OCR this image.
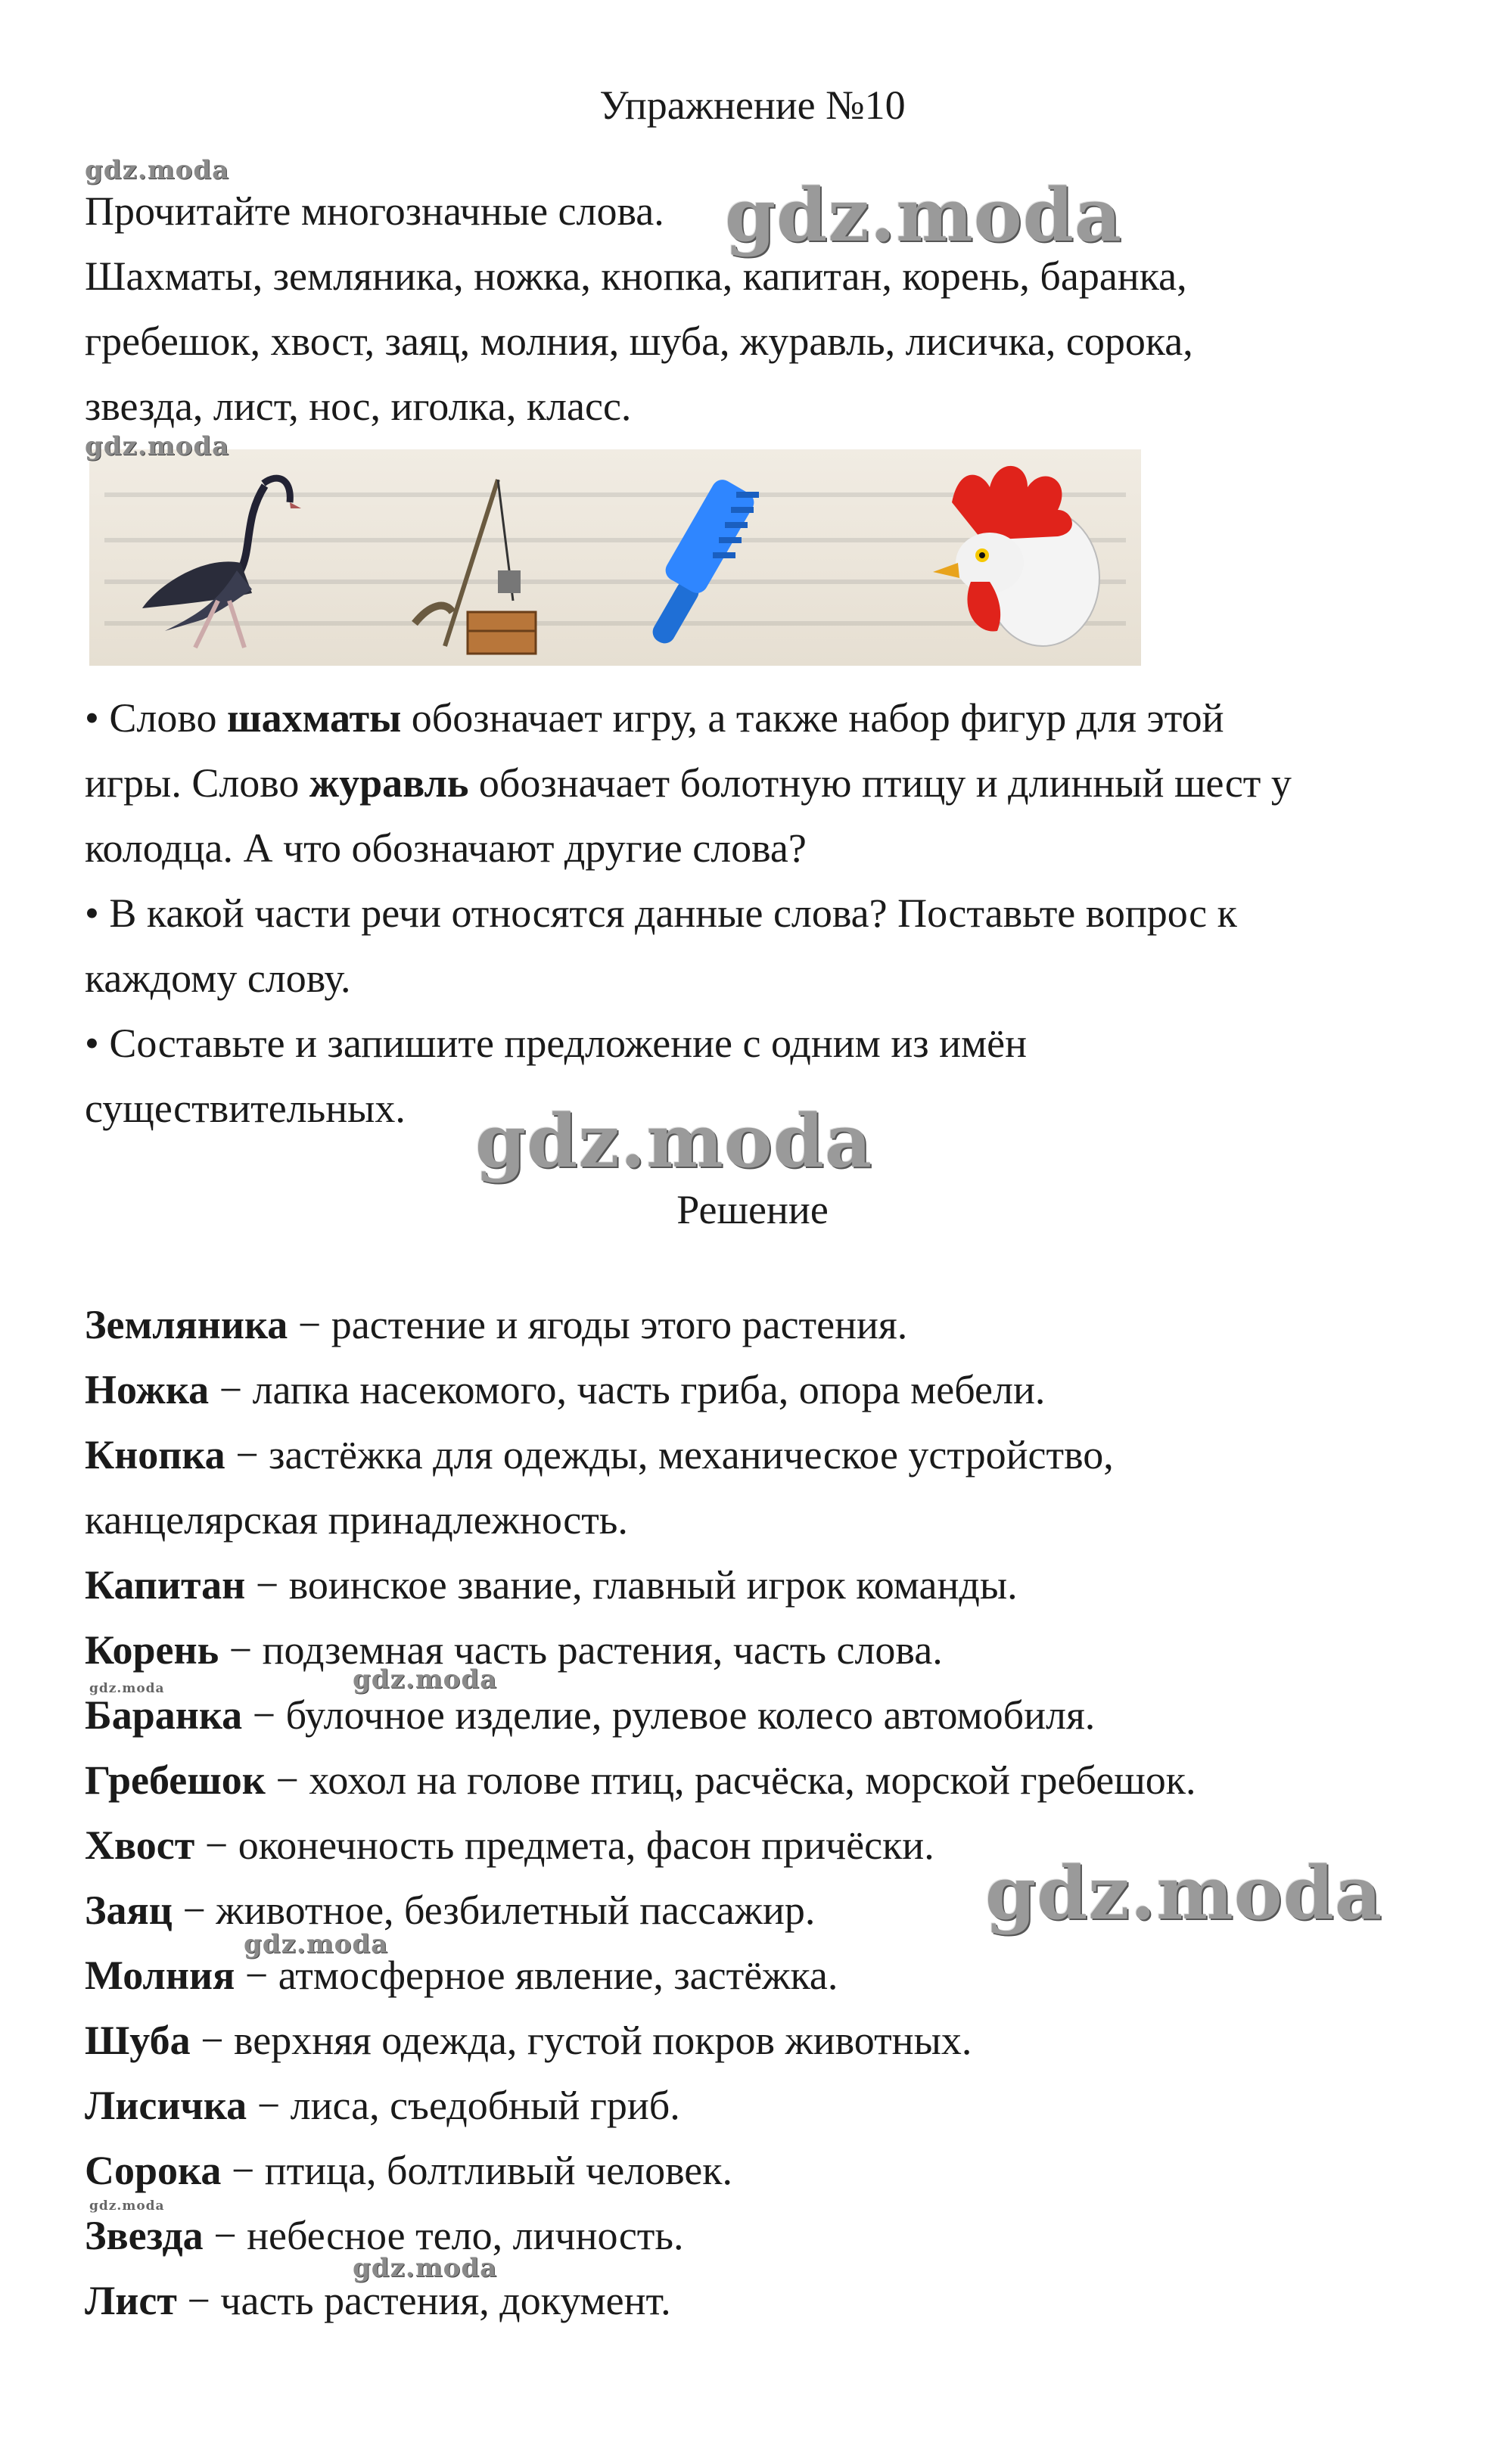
Упражнение №10
Прочитайте многозначные слова.
Шахматы, земляника, ножка, кнопка, капитан, корень, баранка,
гребешок, хвост, заяц, молния, шуба, журавль, лисичка, сорока,
звезда, лист, нос, иголка, класс.
• Слово шахматы обозначает игру, а также набор фигур для этой
игры. Слово журавль обозначает болотную птицу и длинный шест у
колодца. А что обозначают другие слова?
• В какой части речи относятся данные слова? Поставьте вопрос к
каждому слову.
• Составьте и запишите предложение с одним из имён
существительных.
Решение
Земляника − растение и ягоды этого растения.
Ножка − лапка насекомого, часть гриба, опора мебели.
Кнопка − застёжка для одежды, механическое устройство,
канцелярская принадлежность.
Капитан − воинское звание, главный игрок команды.
Корень − подземная часть растения, часть слова.
Баранка − булочное изделие, рулевое колесо автомобиля.
Гребешок − хохол на голове птиц, расчёска, морской гребешок.
Хвост − оконечность предмета, фасон причёски.
Заяц − животное, безбилетный пассажир.
Молния − атмосферное явление, застёжка.
Шуба − верхняя одежда, густой покров животных.
Лисичка − лиса, съедобный гриб.
Сорока − птица, болтливый человек.
Звезда − небесное тело, личность.
Лист − часть растения, документ.
gdz.moda
gdz.moda
gdz.moda
gdz.moda
gdz.moda	gdz.moda
gdz.moda
gdz.moda
gdz.moda
gdz.moda
